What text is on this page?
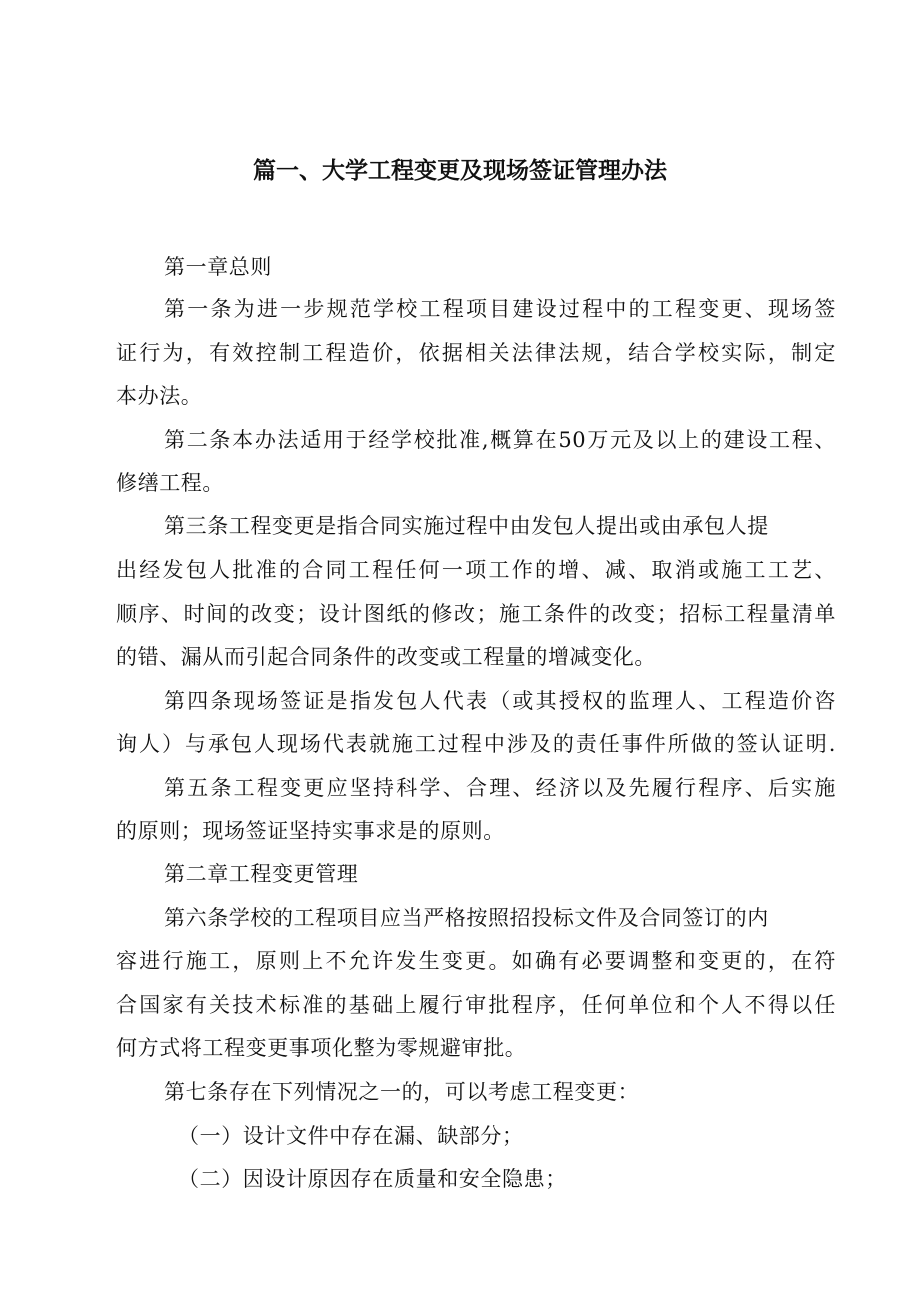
篇一、大学工程变更及现场签证管理办法
第一章总则
第一条为进一步规范学校工程项目建设过程中的工程变更、现场签
证行为，有效控制工程造价，依据相关法律法规，结合学校实际，制定
本办法。
第二条本办法适用于经学校批准,概算在50万元及以上的建设工程、
修缮工程。
第三条工程变更是指合同实施过程中由发包人提出或由承包人提
出经发包人批准的合同工程任何一项工作的增、减、取消或施工工艺、
顺序、时间的改变；设计图纸的修改；施工条件的改变；招标工程量清单
的错、漏从而引起合同条件的改变或工程量的增减变化。
第四条现场签证是指发包人代表（或其授权的监理人、工程造价咨
询人）与承包人现场代表就施工过程中涉及的责任事件所做的签认证明.
第五条工程变更应坚持科学、合理、经济以及先履行程序、后实施
的原则；现场签证坚持实事求是的原则。
第二章工程变更管理
第六条学校的工程项目应当严格按照招投标文件及合同签订的内
容进行施工，原则上不允许发生变更。如确有必要调整和变更的，在符
合国家有关技术标准的基础上履行审批程序，任何单位和个人不得以任
何方式将工程变更事项化整为零规避审批。
第七条存在下列情况之一的，可以考虑工程变更：
（一）设计文件中存在漏、缺部分；
（二）因设计原因存在质量和安全隐患；
